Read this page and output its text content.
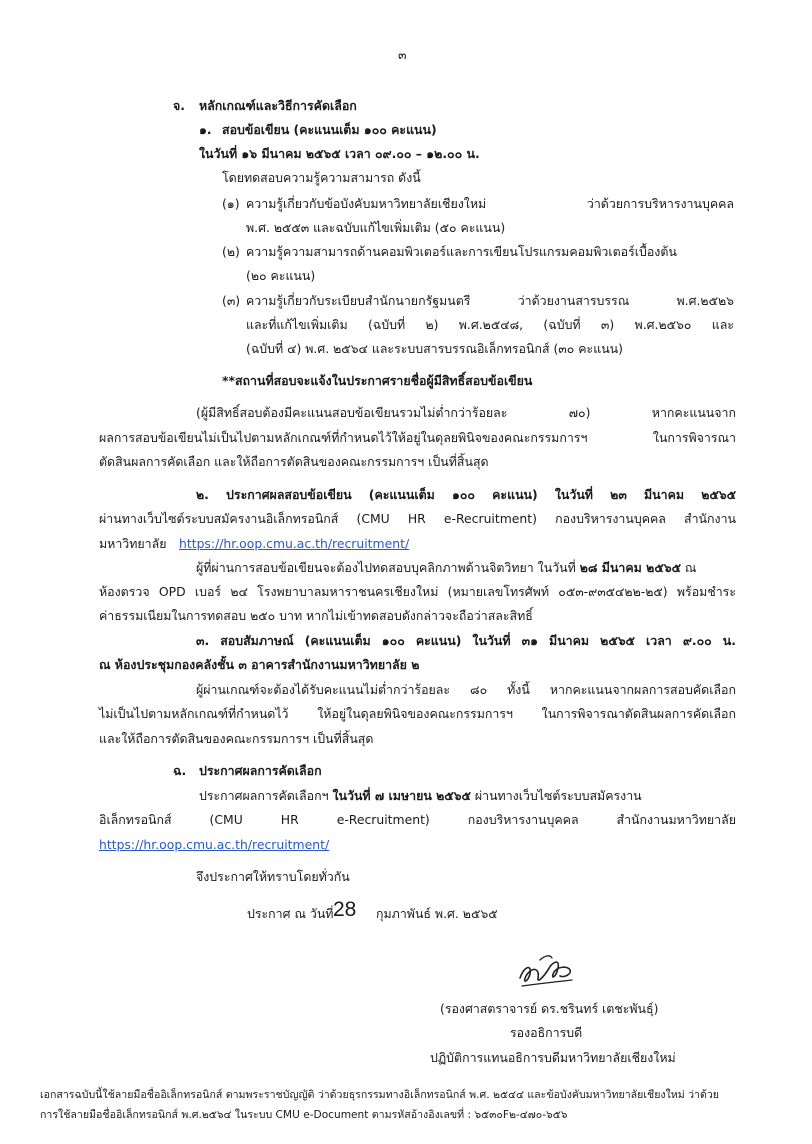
๓
จ. หลักเกณฑ์และวิธีการคัดเลือก
๑. สอบข้อเขียน (คะแนนเต็ม ๑๐๐ คะแนน)
ในวันที่ ๑๖ มีนาคม ๒๕๖๕ เวลา ๐๙.๐๐ – ๑๒.๐๐ น.
โดยทดสอบความรู้ความสามารถ ดังนี้
(๑) ความรู้เกี่ยวกับข้อบังคับมหาวิทยาลัยเชียงใหม่ ว่าด้วยการบริหารงานบุคคล
พ.ศ. ๒๕๕๓ และฉบับแก้ไขเพิ่มเติม (๕๐ คะแนน)
(๒) ความรู้ความสามารถด้านคอมพิวเตอร์และการเขียนโปรแกรมคอมพิวเตอร์เบื้องต้น
(๒๐ คะแนน)
(๓) ความรู้เกี่ยวกับระเบียบสำนักนายกรัฐมนตรี ว่าด้วยงานสารบรรณ พ.ศ.๒๕๒๖
และที่แก้ไขเพิ่มเติม (ฉบับที่ ๒) พ.ศ.๒๕๔๘, (ฉบับที่ ๓) พ.ศ.๒๕๖๐ และ
(ฉบับที่ ๔) พ.ศ. ๒๕๖๔ และระบบสารบรรณอิเล็กทรอนิกส์ (๓๐ คะแนน)
**สถานที่สอบจะแจ้งในประกาศรายชื่อผู้มีสิทธิ์สอบข้อเขียน
(ผู้มีสิทธิ์สอบต้องมีคะแนนสอบข้อเขียนรวมไม่ต่ำกว่าร้อยละ ๗๐) หากคะแนนจาก
ผลการสอบข้อเขียนไม่เป็นไปตามหลักเกณฑ์ที่กำหนดไว้ให้อยู่ในดุลยพินิจของคณะกรรมการฯ ในการพิจารณา
ตัดสินผลการคัดเลือก และให้ถือการตัดสินของคณะกรรมการฯ เป็นที่สิ้นสุด
๒. ประกาศผลสอบข้อเขียน (คะแนนเต็ม ๑๐๐ คะแนน) ในวันที่ ๒๓ มีนาคม ๒๕๖๕
ผ่านทางเว็บไซต์ระบบสมัครงานอิเล็กทรอนิกส์ (CMU HR e-Recruitment) กองบริหารงานบุคคล สำนักงาน
มหาวิทยาลัย https://hr.oop.cmu.ac.th/recruitment/
ผู้ที่ผ่านการสอบข้อเขียนจะต้องไปทดสอบบุคลิกภาพด้านจิตวิทยา ในวันที่ ๒๘ มีนาคม ๒๕๖๕ ณ
ห้องตรวจ OPD เบอร์ ๒๔ โรงพยาบาลมหาราชนครเชียงใหม่ (หมายเลขโทรศัพท์ ๐๕๓-๙๓๕๔๒๒-๒๕) พร้อมชำระ
ค่าธรรมเนียมในการทดสอบ ๒๕๐ บาท หากไม่เข้าทดสอบดังกล่าวจะถือว่าสละสิทธิ์
๓. สอบสัมภาษณ์ (คะแนนเต็ม ๑๐๐ คะแนน) ในวันที่ ๓๑ มีนาคม ๒๕๖๕ เวลา ๙.๐๐ น.
ณ ห้องประชุมกองคลังชั้น ๓ อาคารสำนักงานมหาวิทยาลัย ๒
ผู้ผ่านเกณฑ์จะต้องได้รับคะแนนไม่ต่ำกว่าร้อยละ ๘๐ ทั้งนี้ หากคะแนนจากผลการสอบคัดเลือก
ไม่เป็นไปตามหลักเกณฑ์ที่กำหนดไว้ ให้อยู่ในดุลยพินิจของคณะกรรมการฯ ในการพิจารณาตัดสินผลการคัดเลือก
และให้ถือการตัดสินของคณะกรรมการฯ เป็นที่สิ้นสุด
ฉ. ประกาศผลการคัดเลือก
ประกาศผลการคัดเลือกฯ ในวันที่ ๗ เมษายน ๒๕๖๕ ผ่านทางเว็บไซต์ระบบสมัครงาน
อิเล็กทรอนิกส์ (CMU HR e-Recruitment) กองบริหารงานบุคคล สำนักงานมหาวิทยาลัย
https://hr.oop.cmu.ac.th/recruitment/
จึงประกาศให้ทราบโดยทั่วกัน
ประกาศ ณ วันที่ 28 กุมภาพันธ์ พ.ศ. ๒๕๖๕
(รองศาสตราจารย์ ดร.ชรินทร์ เตชะพันธุ์)
รองอธิการบดี
ปฏิบัติการแทนอธิการบดีมหาวิทยาลัยเชียงใหม่
เอกสารฉบับนี้ใช้ลายมือชื่ออิเล็กทรอนิกส์ ตามพระราชบัญญัติ ว่าด้วยธุรกรรมทางอิเล็กทรอนิกส์ พ.ศ. ๒๕๔๔ และข้อบังคับมหาวิทยาลัยเชียงใหม่ ว่าด้วย
การใช้ลายมือชื่ออิเล็กทรอนิกส์ พ.ศ.๒๕๖๔ ในระบบ CMU e-Document ตามรหัสอ้างอิงเลขที่ : ๖๕๓๐F๒-๔๗๐-๖๕๖
